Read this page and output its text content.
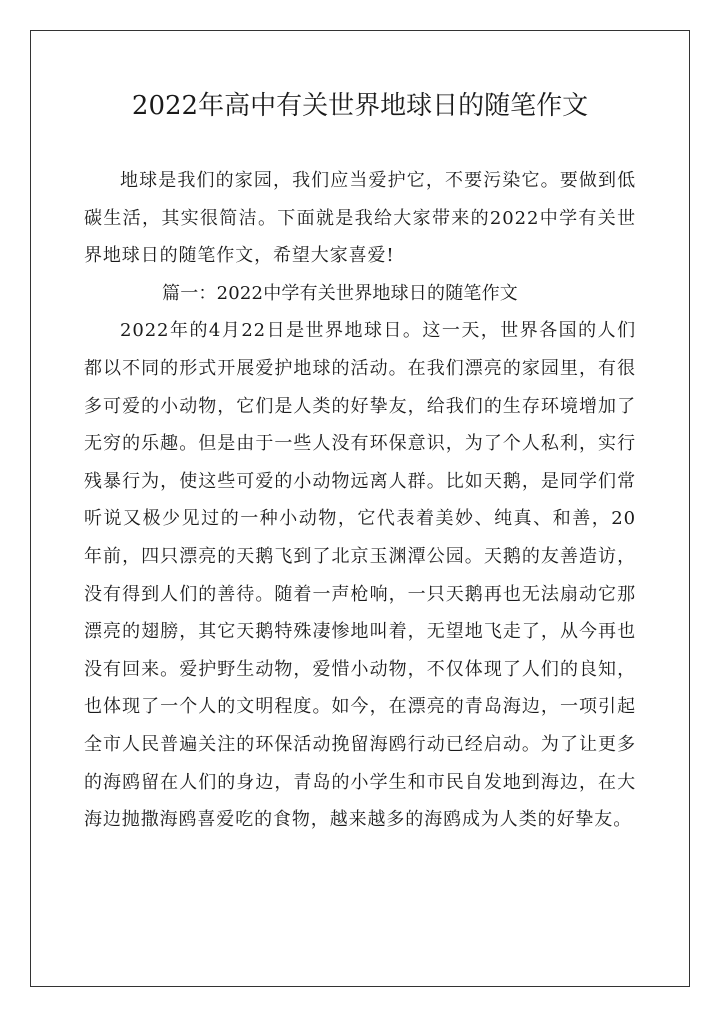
2022年高中有关世界地球日的随笔作文

地球是我们的家园，我们应当爱护它，不要污染它。要做到低碳生活，其实很简洁。下面就是我给大家带来的2022中学有关世界地球日的随笔作文，希望大家喜爱!

篇一：2022中学有关世界地球日的随笔作文

2022年的4月22日是世界地球日。这一天，世界各国的人们都以不同的形式开展爱护地球的活动。在我们漂亮的家园里，有很多可爱的小动物，它们是人类的好挚友，给我们的生存环境增加了无穷的乐趣。但是由于一些人没有环保意识，为了个人私利，实行残暴行为，使这些可爱的小动物远离人群。比如天鹅，是同学们常听说又极少见过的一种小动物，它代表着美妙、纯真、和善，20年前，四只漂亮的天鹅飞到了北京玉渊潭公园。天鹅的友善造访，没有得到人们的善待。随着一声枪响，一只天鹅再也无法扇动它那漂亮的翅膀，其它天鹅特殊凄惨地叫着，无望地飞走了，从今再也没有回来。爱护野生动物，爱惜小动物，不仅体现了人们的良知，也体现了一个人的文明程度。如今，在漂亮的青岛海边，一项引起全市人民普遍关注的环保活动挽留海鸥行动已经启动。为了让更多的海鸥留在人们的身边，青岛的小学生和市民自发地到海边，在大海边抛撒海鸥喜爱吃的食物，越来越多的海鸥成为人类的好挚友。
